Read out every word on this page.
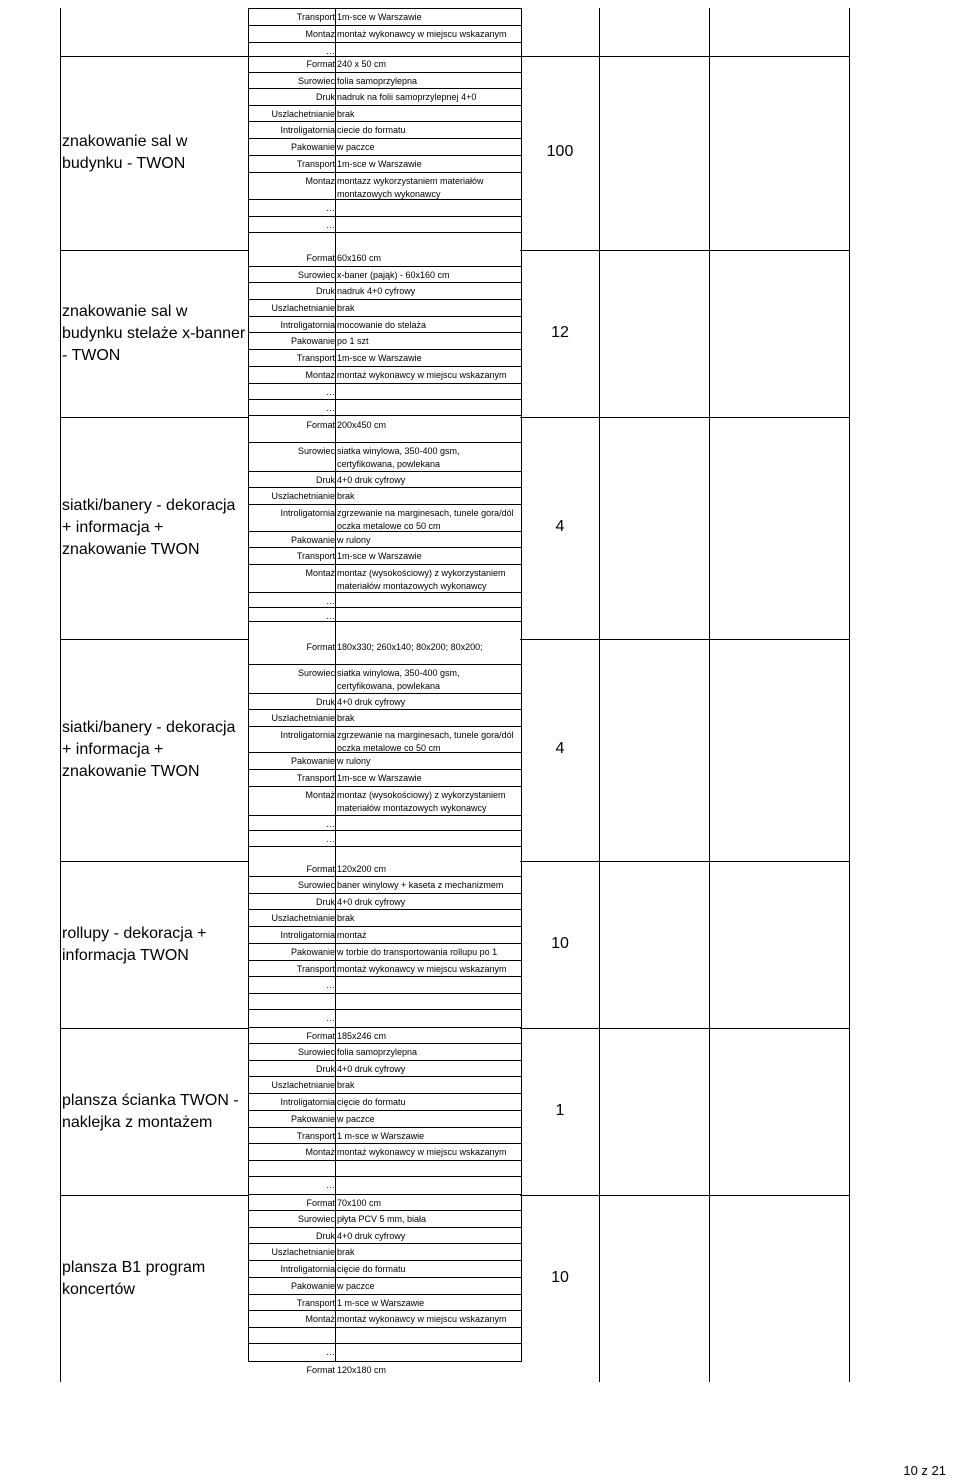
Transport 1m-sce w Warszawie
Montaz montaż wykonawcy w miejscu wskazanym
…
Format 240 x 50 cm
Surowiec folia samoprzylepna
Druk nadruk na folii samoprzylepnej 4+0
Uszlachetnianie brak
Introligatornia ciecie do formatu
Pakowanie w paczce
Transport 1m-sce w Warszawie
Montaz montazz wykorzystaniem materiałów montazowych wykonawcy
…
…
znakowanie sal w budynku - TWON
100
Format 60x160 cm
Surowiec x-baner (pająk) - 60x160 cm
Druk nadruk 4+0 cyfrowy
Uszlachetnianie brak
Introligatornia mocowanie do stelaża
Pakowanie po 1 szt
Transport 1m-sce w Warszawie
Montaz montaż wykonawcy w miejscu wskazanym
…
…
znakowanie sal w budynku stelaże x-banner - TWON
12
Format 200x450 cm
Surowiec siatka winylowa, 350-400 gsm, certyfikowana, powlekana
Druk 4+0 druk cyfrowy
Uszlachetnianie brak
Introligatornia zgrzewanie na marginesach, tunele gora/dól oczka metalowe co 50 cm
Pakowanie w rulony
Transport 1m-sce w Warszawie
Montaż montaz (wysokościowy) z wykorzystaniem materiałów montazowych wykonawcy
…
…
siatki/banery - dekoracja + informacja + znakowanie TWON
4
Format 180x330; 260x140; 80x200; 80x200;
Surowiec siatka winylowa, 350-400 gsm, certyfikowana, powlekana
Druk 4+0 druk cyfrowy
Uszlachetnianie brak
Introligatornia zgrzewanie na marginesach, tunele gora/dól oczka metalowe co 50 cm
Pakowanie w rulony
Transport 1m-sce w Warszawie
Montaż montaz (wysokościowy) z wykorzystaniem materiałów montazowych wykonawcy
…
…
siatki/banery - dekoracja + informacja + znakowanie TWON
4
Format 120x200 cm
Surowiec baner winylowy + kaseta z mechanizmem
Druk 4+0 druk cyfrowy
Uszlachetnianie brak
Introligatornia montaż
Pakowanie w torbie do transportowania rollupu po 1
Transport montaż wykonawcy w miejscu wskazanym
…
…
rollupy - dekoracja + informacja TWON
10
Format 185x246 cm
Surowiec folia samoprzylepna
Druk 4+0 druk cyfrowy
Uszlachetnianie brak
Introligatornia cięcie do formatu
Pakowanie w paczce
Transport 1 m-sce w Warszawie
Montaż montaż wykonawcy w miejscu wskazanym
…
plansza ścianka TWON - naklejka z montażem
1
Format 70x100 cm
Surowiec płyta PCV 5 mm, biała
Druk 4+0 druk cyfrowy
Uszlachetnianie brak
Introligatornia cięcie do formatu
Pakowanie w paczce
Transport 1 m-sce w Warszawie
Montaż montaż wykonawcy w miejscu wskazanym
…
plansza B1 program koncertów
10
Format 120x180 cm
10 z 21
